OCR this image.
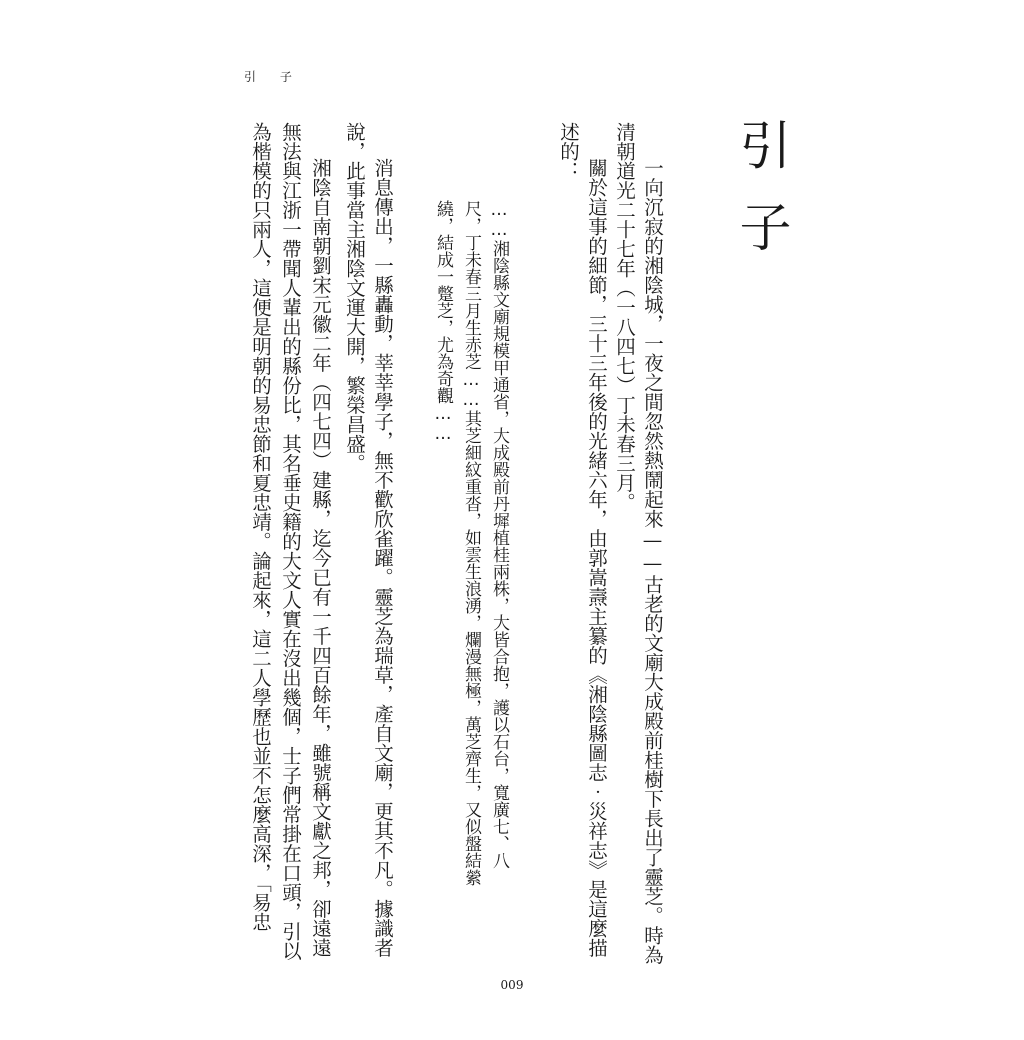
引 子
引子
一向沉寂的湘陰城，一夜之間忽然熱鬧起來——古老的文廟大成殿前桂樹下長出了靈芝。時為
清朝道光二十七年（一八四七）丁未春三月。
關於這事的細節，三十三年後的光緒六年，由郭嵩燾主纂的《湘陰縣圖志‧災祥志》是這麼描
述的：
……湘陰縣文廟規模甲通省，大成殿前丹墀植桂兩株，大皆合抱，護以石台，寬廣七、八
尺，丁未春三月生赤芝……其芝細紋重沓，如雲生浪湧，爛漫無極，萬芝齊生，又似盤結縈
繞，結成一蹩芝，尤為奇觀……
消息傳出，一縣轟動，莘莘學子，無不歡欣雀躍。靈芝為瑞草，產自文廟，更其不凡。據識者
說，此事當主湘陰文運大開，繁榮昌盛。
湘陰自南朝劉宋元徽二年（四七四）建縣，迄今已有一千四百餘年，雖號稱文獻之邦，卻遠遠
無法與江浙一帶聞人輩出的縣份比，其名垂史籍的大文人實在沒出幾個，士子們常掛在口頭，引以
為楷模的只兩人，這便是明朝的易忠節和夏忠靖。論起來，這二人學歷也並不怎麼高深，「易忠
009
